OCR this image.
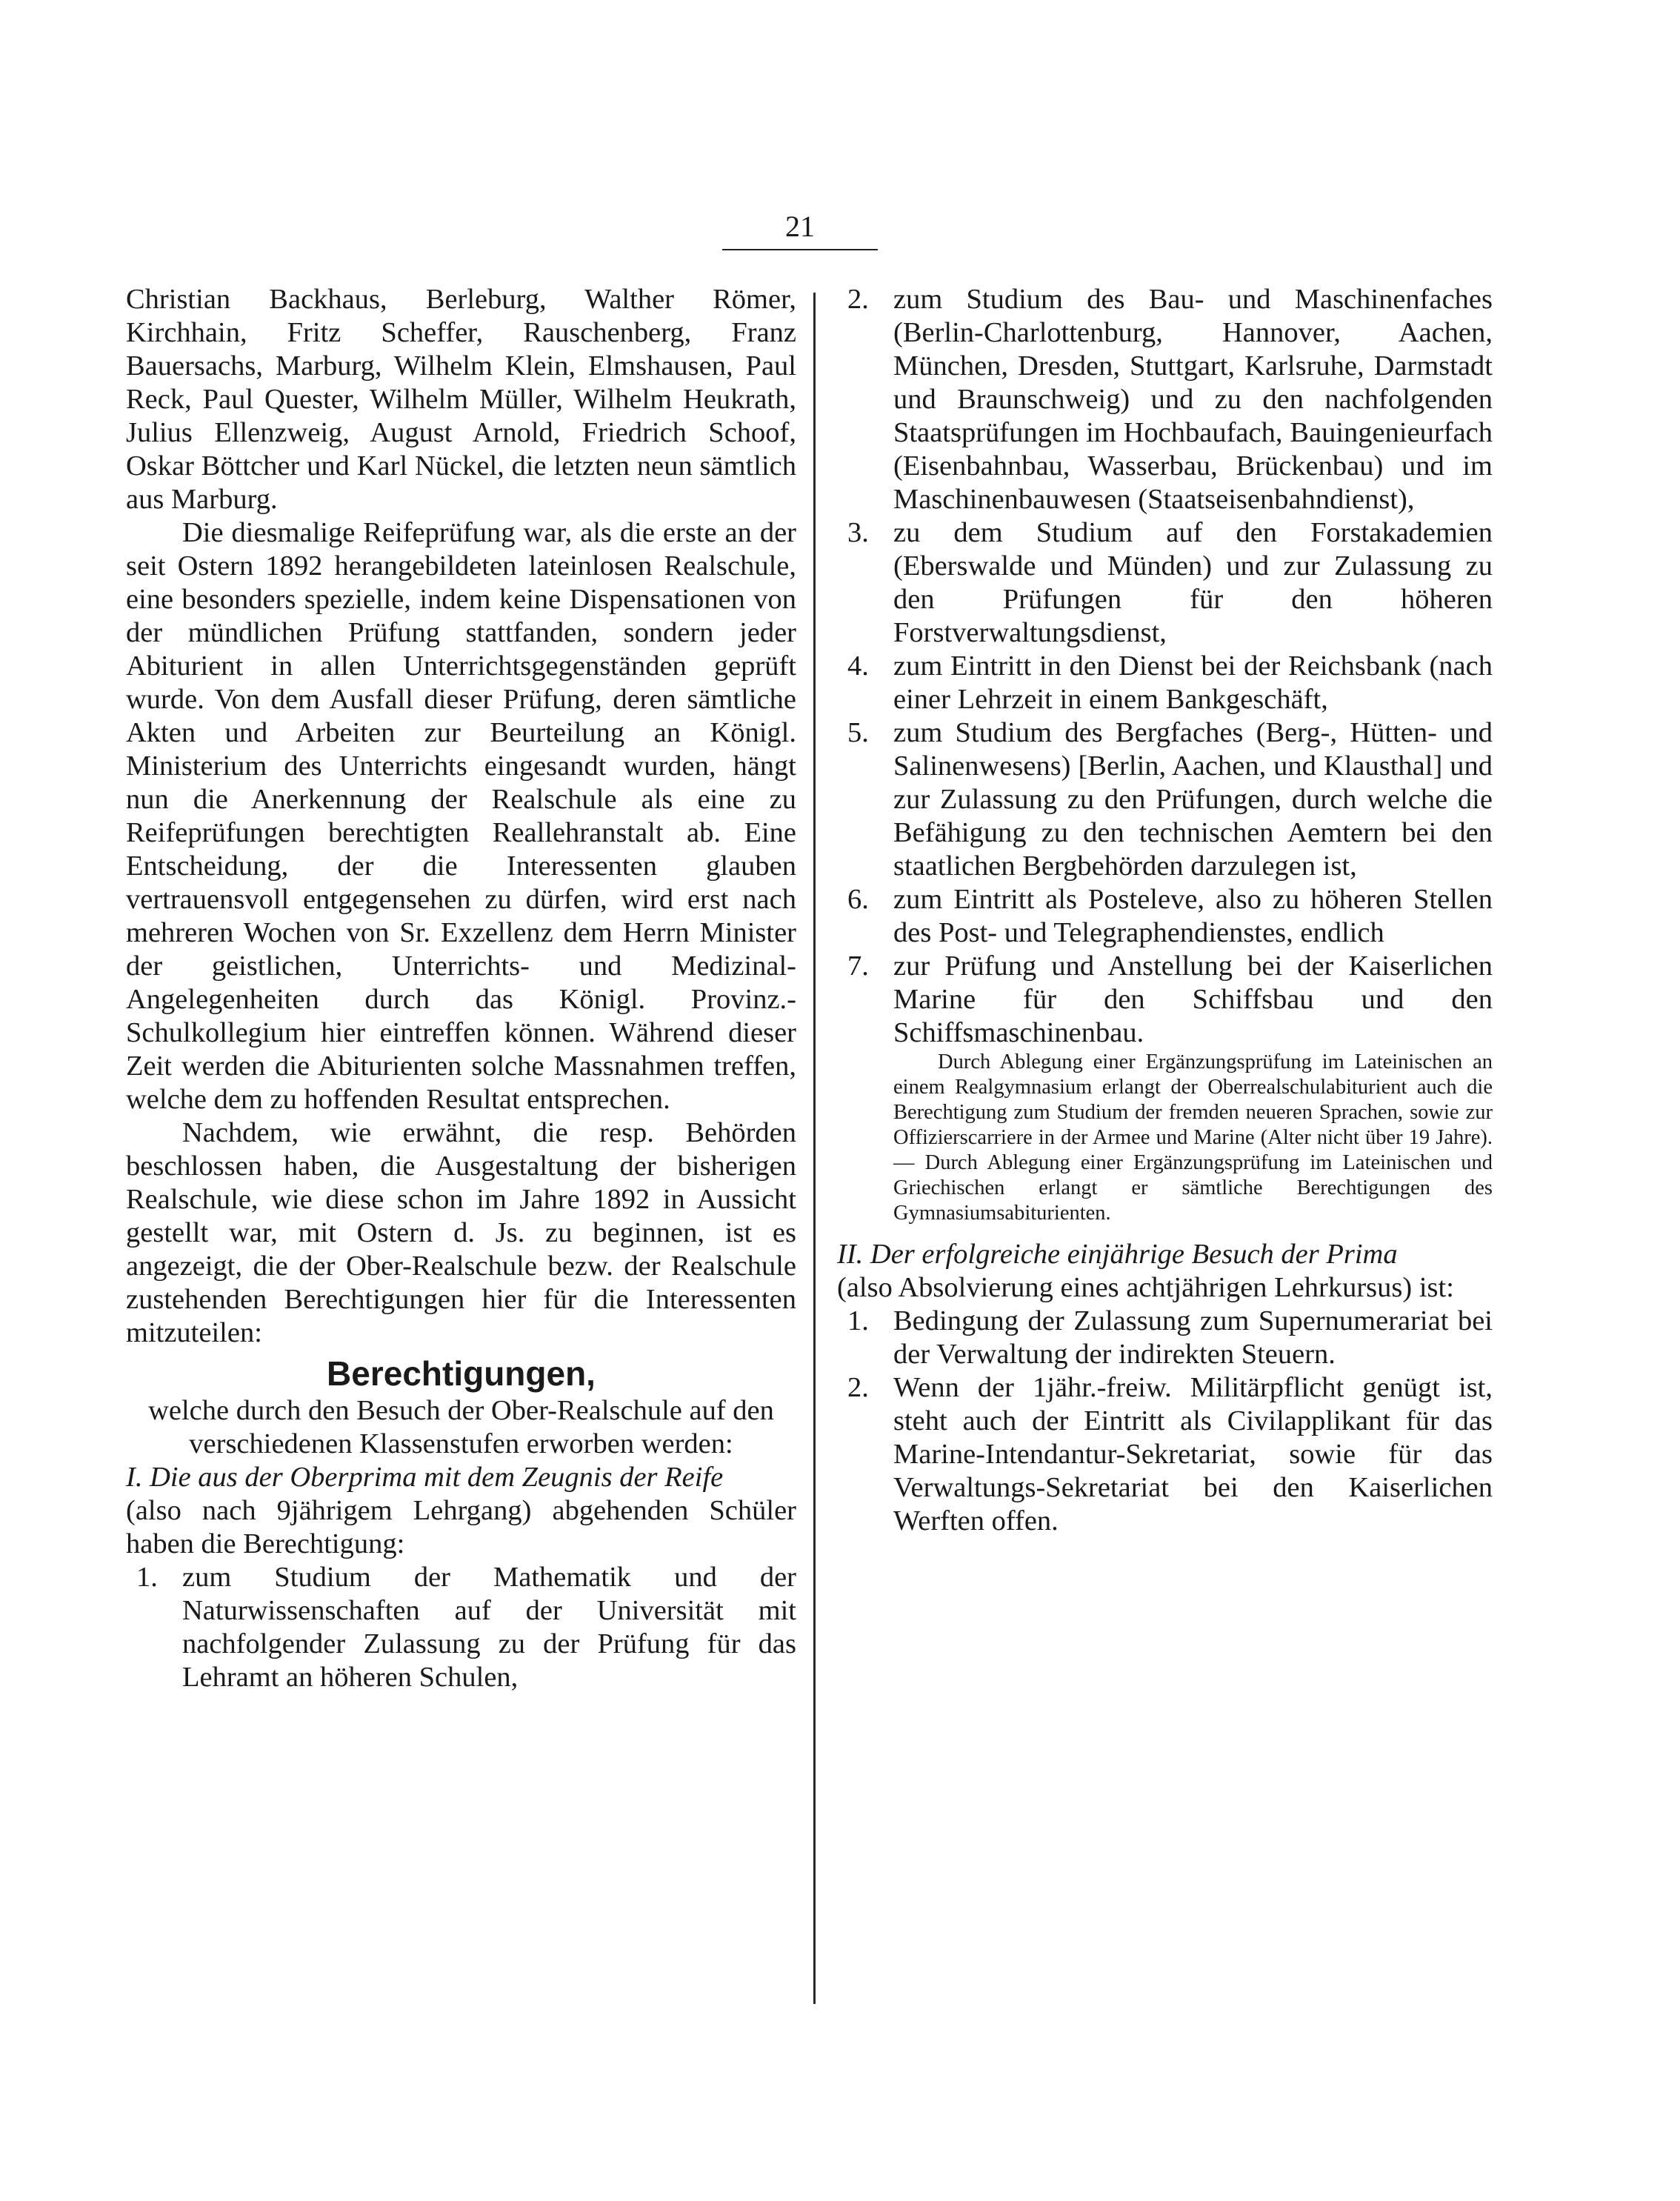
21

Christian Backhaus, Berleburg, Walther Römer, Kirchhain, Fritz Scheffer, Rauschenberg, Franz Bauersachs, Marburg, Wilhelm Klein, Elmshausen, Paul Reck, Paul Quester, Wilhelm Müller, Wilhelm Heukrath, Julius Ellenzweig, August Arnold, Friedrich Schoof, Oskar Böttcher und Karl Nückel, die letzten neun sämtlich aus Marburg.

Die diesmalige Reifeprüfung war, als die erste an der seit Ostern 1892 herangebildeten lateinlosen Realschule, eine besonders spezielle, indem keine Dispensationen von der mündlichen Prüfung stattfanden, sondern jeder Abiturient in allen Unterrichtsgegenständen geprüft wurde. Von dem Ausfall dieser Prüfung, deren sämtliche Akten und Arbeiten zur Beurteilung an Königl. Ministerium des Unterrichts eingesandt wurden, hängt nun die Anerkennung der Realschule als eine zu Reifeprüfungen berechtigten Reallehranstalt ab. Eine Entscheidung, der die Interessenten glauben vertrauensvoll entgegensehen zu dürfen, wird erst nach mehreren Wochen von Sr. Exzellenz dem Herrn Minister der geistlichen, Unterrichts- und Medizinal-Angelegenheiten durch das Königl. Provinz.-Schulkollegium hier eintreffen können. Während dieser Zeit werden die Abiturienten solche Massnahmen treffen, welche dem zu hoffenden Resultat entsprechen.

Nachdem, wie erwähnt, die resp. Behörden beschlossen haben, die Ausgestaltung der bisherigen Realschule, wie diese schon im Jahre 1892 in Aussicht gestellt war, mit Ostern d. Js. zu beginnen, ist es angezeigt, die der Ober-Realschule bezw. der Realschule zustehenden Berechtigungen hier für die Interessenten mitzuteilen:

Berechtigungen,

welche durch den Besuch der Ober-Realschule auf den verschiedenen Klassenstufen erworben werden:

I. Die aus der Oberprima mit dem Zeugnis der Reife

(also nach 9jährigem Lehrgang) abgehenden Schüler haben die Berechtigung:

1. zum Studium der Mathematik und der Naturwissenschaften auf der Universität mit nachfolgender Zulassung zu der Prüfung für das Lehramt an höheren Schulen,
2. zum Studium des Bau- und Maschinenfaches (Berlin-Charlottenburg, Hannover, Aachen, München, Dresden, Stuttgart, Karlsruhe, Darmstadt und Braunschweig) und zu den nachfolgenden Staatsprüfungen im Hochbaufach, Bauingenieurfach (Eisenbahnbau, Wasserbau, Brückenbau) und im Maschinenbauwesen (Staatseisenbahndienst),
3. zu dem Studium auf den Forstakademien (Eberswalde und Münden) und zur Zulassung zu den Prüfungen für den höheren Forstverwaltungsdienst,
4. zum Eintritt in den Dienst bei der Reichsbank (nach einer Lehrzeit in einem Bankgeschäft,
5. zum Studium des Bergfaches (Berg-, Hütten- und Salinenwesens) [Berlin, Aachen, und Klausthal] und zur Zulassung zu den Prüfungen, durch welche die Befähigung zu den technischen Aemtern bei den staatlichen Bergbehörden darzulegen ist,
6. zum Eintritt als Posteleve, also zu höheren Stellen des Post- und Telegraphendienstes, endlich
7. zur Prüfung und Anstellung bei der Kaiserlichen Marine für den Schiffsbau und den Schiffsmaschinenbau.

Durch Ablegung einer Ergänzungsprüfung im Lateinischen an einem Realgymnasium erlangt der Oberrealschulabiturient auch die Berechtigung zum Studium der fremden neueren Sprachen, sowie zur Offizierscarriere in der Armee und Marine (Alter nicht über 19 Jahre). — Durch Ablegung einer Ergänzungsprüfung im Lateinischen und Griechischen erlangt er sämtliche Berechtigungen des Gymnasiumsabiturienten.

II. Der erfolgreiche einjährige Besuch der Prima

(also Absolvierung eines achtjährigen Lehrkursus) ist:

1. Bedingung der Zulassung zum Supernumerariat bei der Verwaltung der indirekten Steuern.
2. Wenn der 1jähr.-freiw. Militärpflicht genügt ist, steht auch der Eintritt als Civilapplikant für das Marine-Intendantur-Sekretariat, sowie für das Verwaltungs-Sekretariat bei den Kaiserlichen Werften offen.
